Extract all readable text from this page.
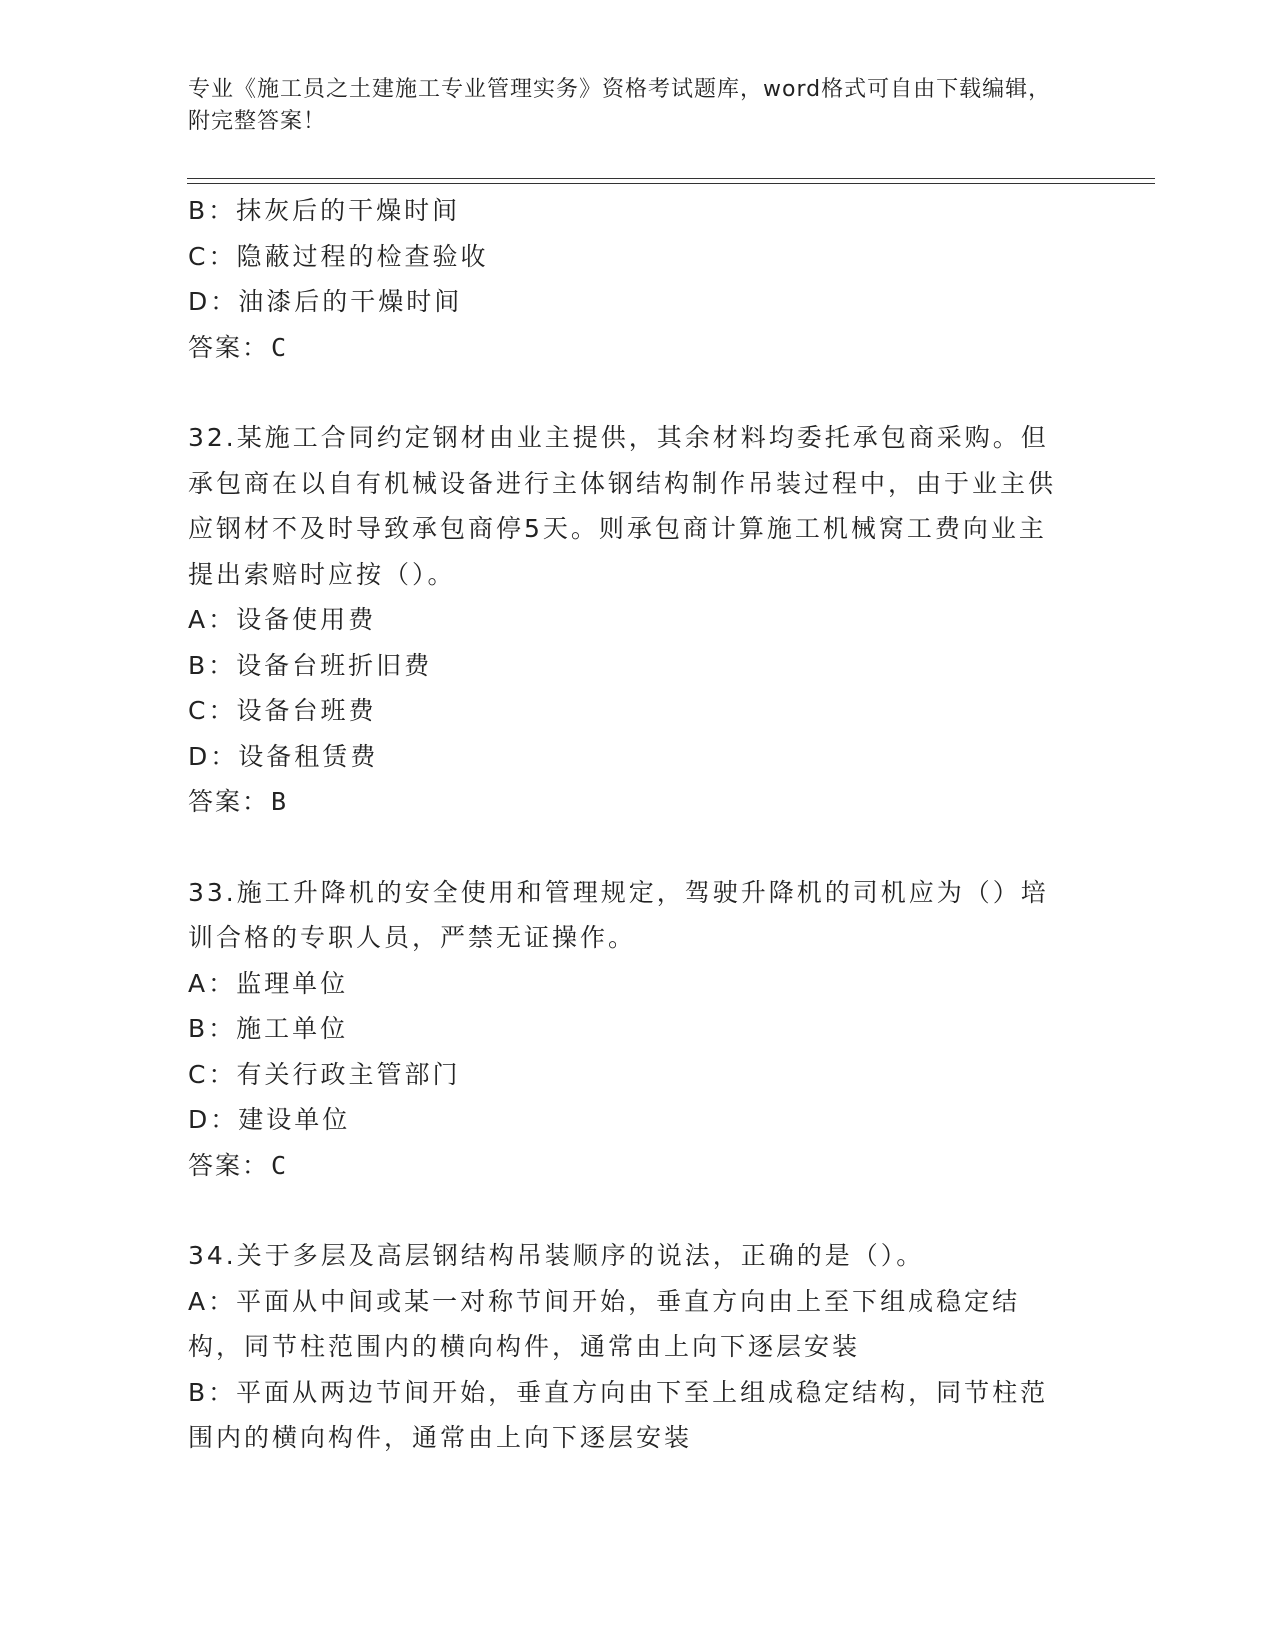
专业《施工员之土建施工专业管理实务》资格考试题库，word格式可自由下载编辑，附完整答案！

B：抹灰后的干燥时间

C：隐蔽过程的检查验收

D：油漆后的干燥时间

答案：C

32.某施工合同约定钢材由业主提供，其余材料均委托承包商采购。但承包商在以自有机械设备进行主体钢结构制作吊装过程中，由于业主供应钢材不及时导致承包商停5天。则承包商计算施工机械窝工费向业主提出索赔时应按（）。

A：设备使用费

B：设备台班折旧费

C：设备台班费

D：设备租赁费

答案：B

33.施工升降机的安全使用和管理规定，驾驶升降机的司机应为（）培训合格的专职人员，严禁无证操作。

A：监理单位

B：施工单位

C：有关行政主管部门

D：建设单位

答案：C

34.关于多层及高层钢结构吊装顺序的说法，正确的是（）。

A：平面从中间或某一对称节间开始，垂直方向由上至下组成稳定结构，同节柱范围内的横向构件，通常由上向下逐层安装

B：平面从两边节间开始，垂直方向由下至上组成稳定结构，同节柱范围内的横向构件，通常由上向下逐层安装
